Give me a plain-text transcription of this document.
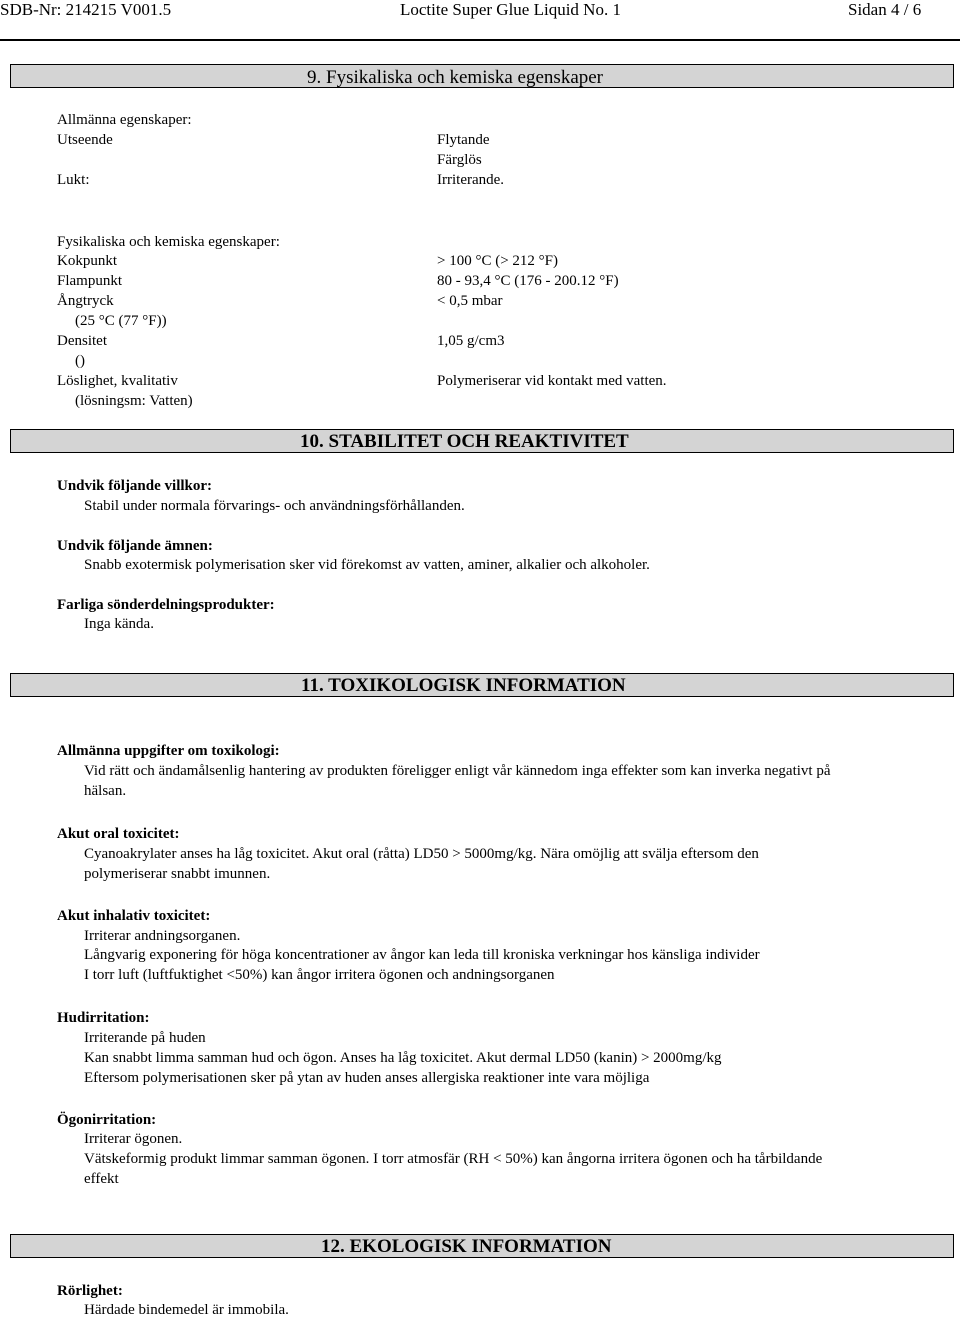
SDB-Nr: 214215 V001.5	Loctite Super Glue Liquid No. 1	Sidan 4 / 6
9. Fysikaliska och kemiska egenskaper
Allmänna egenskaper:
Utseende	Flytande
Färglös
Lukt:	Irriterande.
Fysikaliska och kemiska egenskaper:
Kokpunkt	> 100 °C (> 212 °F)
Flampunkt	80 - 93,4 °C (176 - 200.12 °F)
Ångtryck	< 0,5 mbar
(25 °C (77 °F))
Densitet	1,05 g/cm3
()
Löslighet, kvalitativ	Polymeriserar vid kontakt med vatten.
(lösningsm: Vatten)
10. STABILITET OCH REAKTIVITET
Undvik följande villkor:
Stabil under normala förvarings- och användningsförhållanden.
Undvik följande ämnen:
Snabb exotermisk polymerisation sker vid förekomst av vatten, aminer, alkalier och alkoholer.
Farliga sönderdelningsprodukter:
Inga kända.
11. TOXIKOLOGISK INFORMATION
Allmänna uppgifter om toxikologi:
Vid rätt och ändamålsenlig hantering av produkten föreligger enligt vår kännedom inga effekter som kan inverka negativt på
hälsan.
Akut oral toxicitet:
Cyanoakrylater anses ha låg toxicitet. Akut oral (råtta) LD50 > 5000mg/kg. Nära omöjlig att svälja eftersom den
polymeriserar snabbt imunnen.
Akut inhalativ toxicitet:
Irriterar andningsorganen.
Långvarig exponering för höga koncentrationer av ångor kan leda till kroniska verkningar hos känsliga individer
I torr luft (luftfuktighet <50%) kan ångor irritera ögonen och andningsorganen
Hudirritation:
Irriterande på huden
Kan snabbt limma samman hud och ögon. Anses ha låg toxicitet. Akut dermal LD50 (kanin) > 2000mg/kg
Eftersom polymerisationen sker på ytan av huden anses allergiska reaktioner inte vara möjliga
Ögonirritation:
Irriterar ögonen.
Vätskeformig produkt limmar samman ögonen. I torr atmosfär (RH < 50%) kan ångorna irritera ögonen och ha tårbildande
effekt
12. EKOLOGISK INFORMATION
Rörlighet:
Härdade bindemedel är immobila.
